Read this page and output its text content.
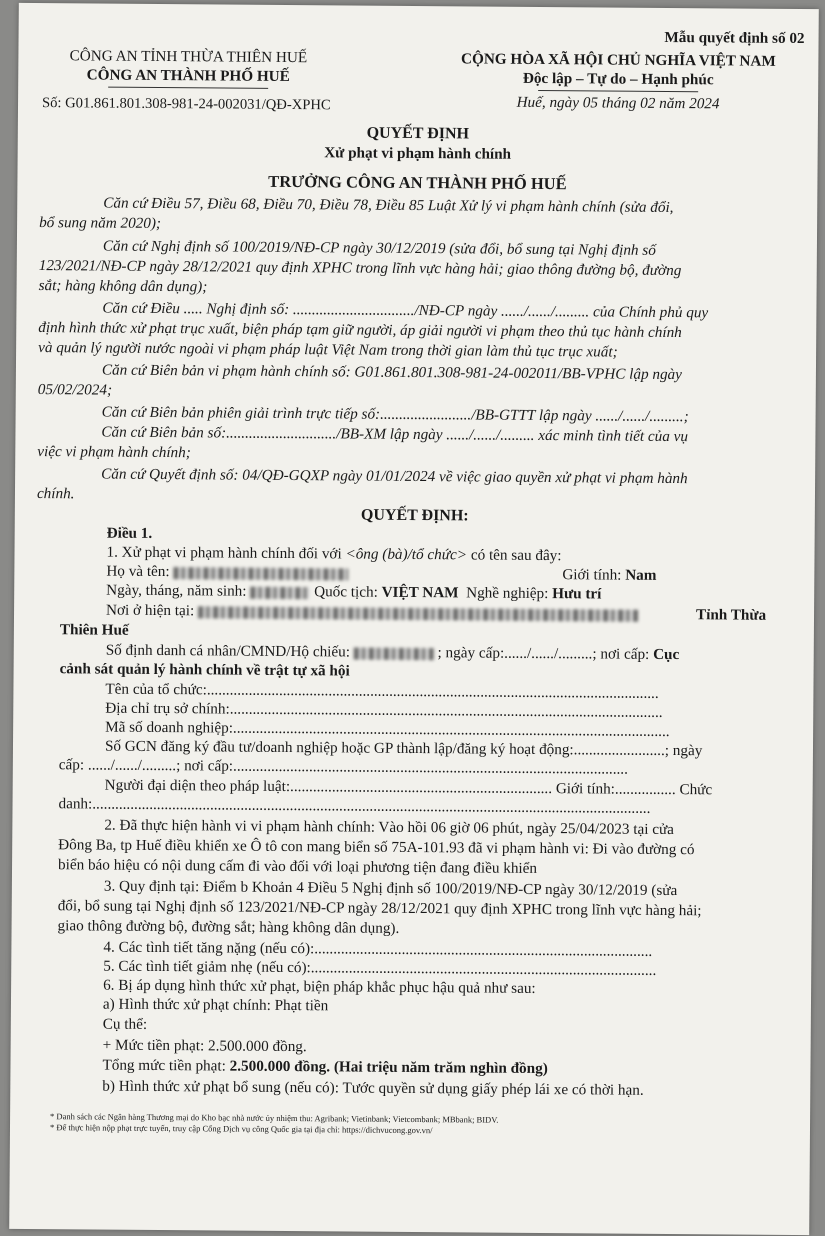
Mẫu quyết định số 02
CÔNG AN TỈNH THỪA THIÊN HUẾ
CÔNG AN THÀNH PHỐ HUẾ
Số: G01.861.801.308-981-24-002031/QĐ-XPHC
CỘNG HÒA XÃ HỘI CHỦ NGHĨA VIỆT NAM
Độc lập – Tự do – Hạnh phúc
Huế, ngày 05 tháng 02 năm 2024
QUYẾT ĐỊNH
Xử phạt vi phạm hành chính
TRƯỞNG CÔNG AN THÀNH PHỐ HUẾ
Căn cứ Điều 57, Điều 68, Điều 70, Điều 78, Điều 85 Luật Xử lý vi phạm hành chính (sửa đổi,
bổ sung năm 2020);
Căn cứ Nghị định số 100/2019/NĐ-CP ngày 30/12/2019 (sửa đổi, bổ sung tại Nghị định số
123/2021/NĐ-CP ngày 28/12/2021 quy định XPHC trong lĩnh vực hàng hải; giao thông đường bộ, đường
sắt; hàng không dân dụng);
Căn cứ Điều ..... Nghị định số: ................................/NĐ-CP ngày ....../....../......... của Chính phủ quy
định hình thức xử phạt trục xuất, biện pháp tạm giữ người, áp giải người vi phạm theo thủ tục hành chính
và quản lý người nước ngoài vi phạm pháp luật Việt Nam trong thời gian làm thủ tục trục xuất;
Căn cứ Biên bản vi phạm hành chính số: G01.861.801.308-981-24-002011/BB-VPHC lập ngày
05/02/2024;
Căn cứ Biên bản phiên giải trình trực tiếp số:......................../BB-GTTT lập ngày ....../....../.........;
Căn cứ Biên bản số:............................./BB-XM lập ngày ....../....../......... xác minh tình tiết của vụ
việc vi phạm hành chính;
Căn cứ Quyết định số: 04/QĐ-GQXP ngày 01/01/2024 về việc giao quyền xử phạt vi phạm hành
chính.
QUYẾT ĐỊNH:
Điều 1.
1. Xử phạt vi phạm hành chính đối với <ông (bà)/tổ chức> có tên sau đây:
Họ và tên:	Giới tính: Nam
Ngày, tháng, năm sinh:	Quốc tịch: VIỆT NAM Nghề nghiệp: Hưu trí
Nơi ở hiện tại:	Tỉnh Thừa
Thiên Huế
Số định danh cá nhân/CMND/Hộ chiếu:	; ngày cấp:....../....../.........; nơi cấp: Cục
cảnh sát quản lý hành chính về trật tự xã hội
Tên của tổ chức:.......................................................................................................................
Địa chỉ trụ sở chính:..................................................................................................................
Mã số doanh nghiệp:...................................................................................................................
Số GCN đăng ký đầu tư/doanh nghiệp hoặc GP thành lập/đăng ký hoạt động:........................; ngày
cấp: ....../....../.........; nơi cấp:........................................................................................................
Người đại diện theo pháp luật:..................................................................... Giới tính:................ Chức
danh:...................................................................................................................................................
2. Đã thực hiện hành vi vi phạm hành chính: Vào hồi 06 giờ 06 phút, ngày 25/04/2023 tại cửa
Đông Ba, tp Huế điều khiển xe Ô tô con mang biển số 75A-101.93 đã vi phạm hành vi: Đi vào đường có
biển báo hiệu có nội dung cấm đi vào đối với loại phương tiện đang điều khiển
3. Quy định tại: Điểm b Khoản 4 Điều 5 Nghị định số 100/2019/NĐ-CP ngày 30/12/2019 (sửa
đổi, bổ sung tại Nghị định số 123/2021/NĐ-CP ngày 28/12/2021 quy định XPHC trong lĩnh vực hàng hải;
giao thông đường bộ, đường sắt; hàng không dân dụng).
4. Các tình tiết tăng nặng (nếu có):.........................................................................................
5. Các tình tiết giảm nhẹ (nếu có):...........................................................................................
6. Bị áp dụng hình thức xử phạt, biện pháp khắc phục hậu quả như sau:
a) Hình thức xử phạt chính: Phạt tiền
Cụ thể:
+ Mức tiền phạt: 2.500.000 đồng.
Tổng mức tiền phạt: 2.500.000 đồng. (Hai triệu năm trăm nghìn đồng)
b) Hình thức xử phạt bổ sung (nếu có): Tước quyền sử dụng giấy phép lái xe có thời hạn.
* Danh sách các Ngân hàng Thương mại do Kho bạc nhà nước ủy nhiệm thu: Agribank; Vietinbank; Vietcombank; MBbank; BIDV.
* Để thực hiện nộp phạt trực tuyến, truy cập Cổng Dịch vụ công Quốc gia tại địa chỉ: https://dichvucong.gov.vn/
